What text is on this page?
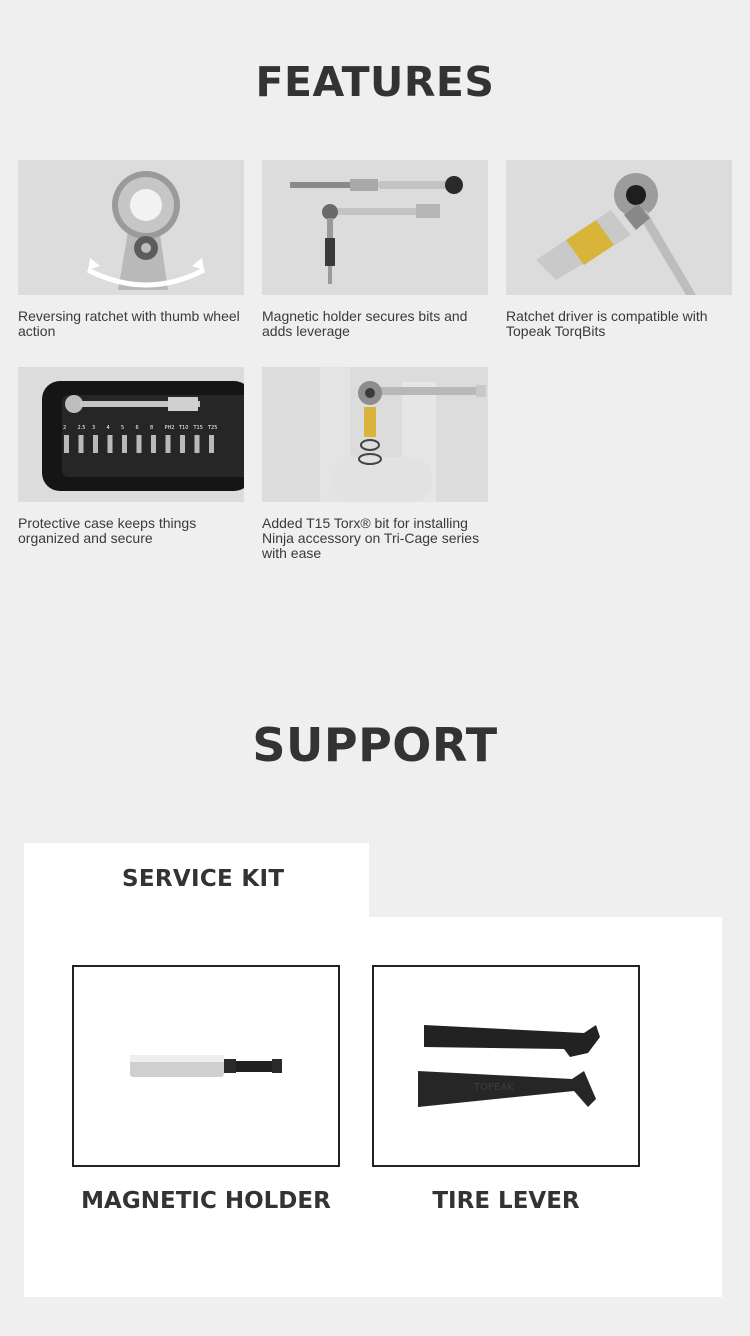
FEATURES
Reversing ratchet with thumb wheel action
Magnetic holder secures bits and adds leverage
Ratchet driver is compatible with Topeak TorqBits
2 2.5 3 4 5 6 8 PH2 T10 T15 T25
Protective case keeps things organized and secure
Added T15 Torx® bit for installing Ninja accessory on Tri-Cage series with ease
SUPPORT
SERVICE KIT
MAGNETIC HOLDER
TOPEAK
TIRE LEVER
